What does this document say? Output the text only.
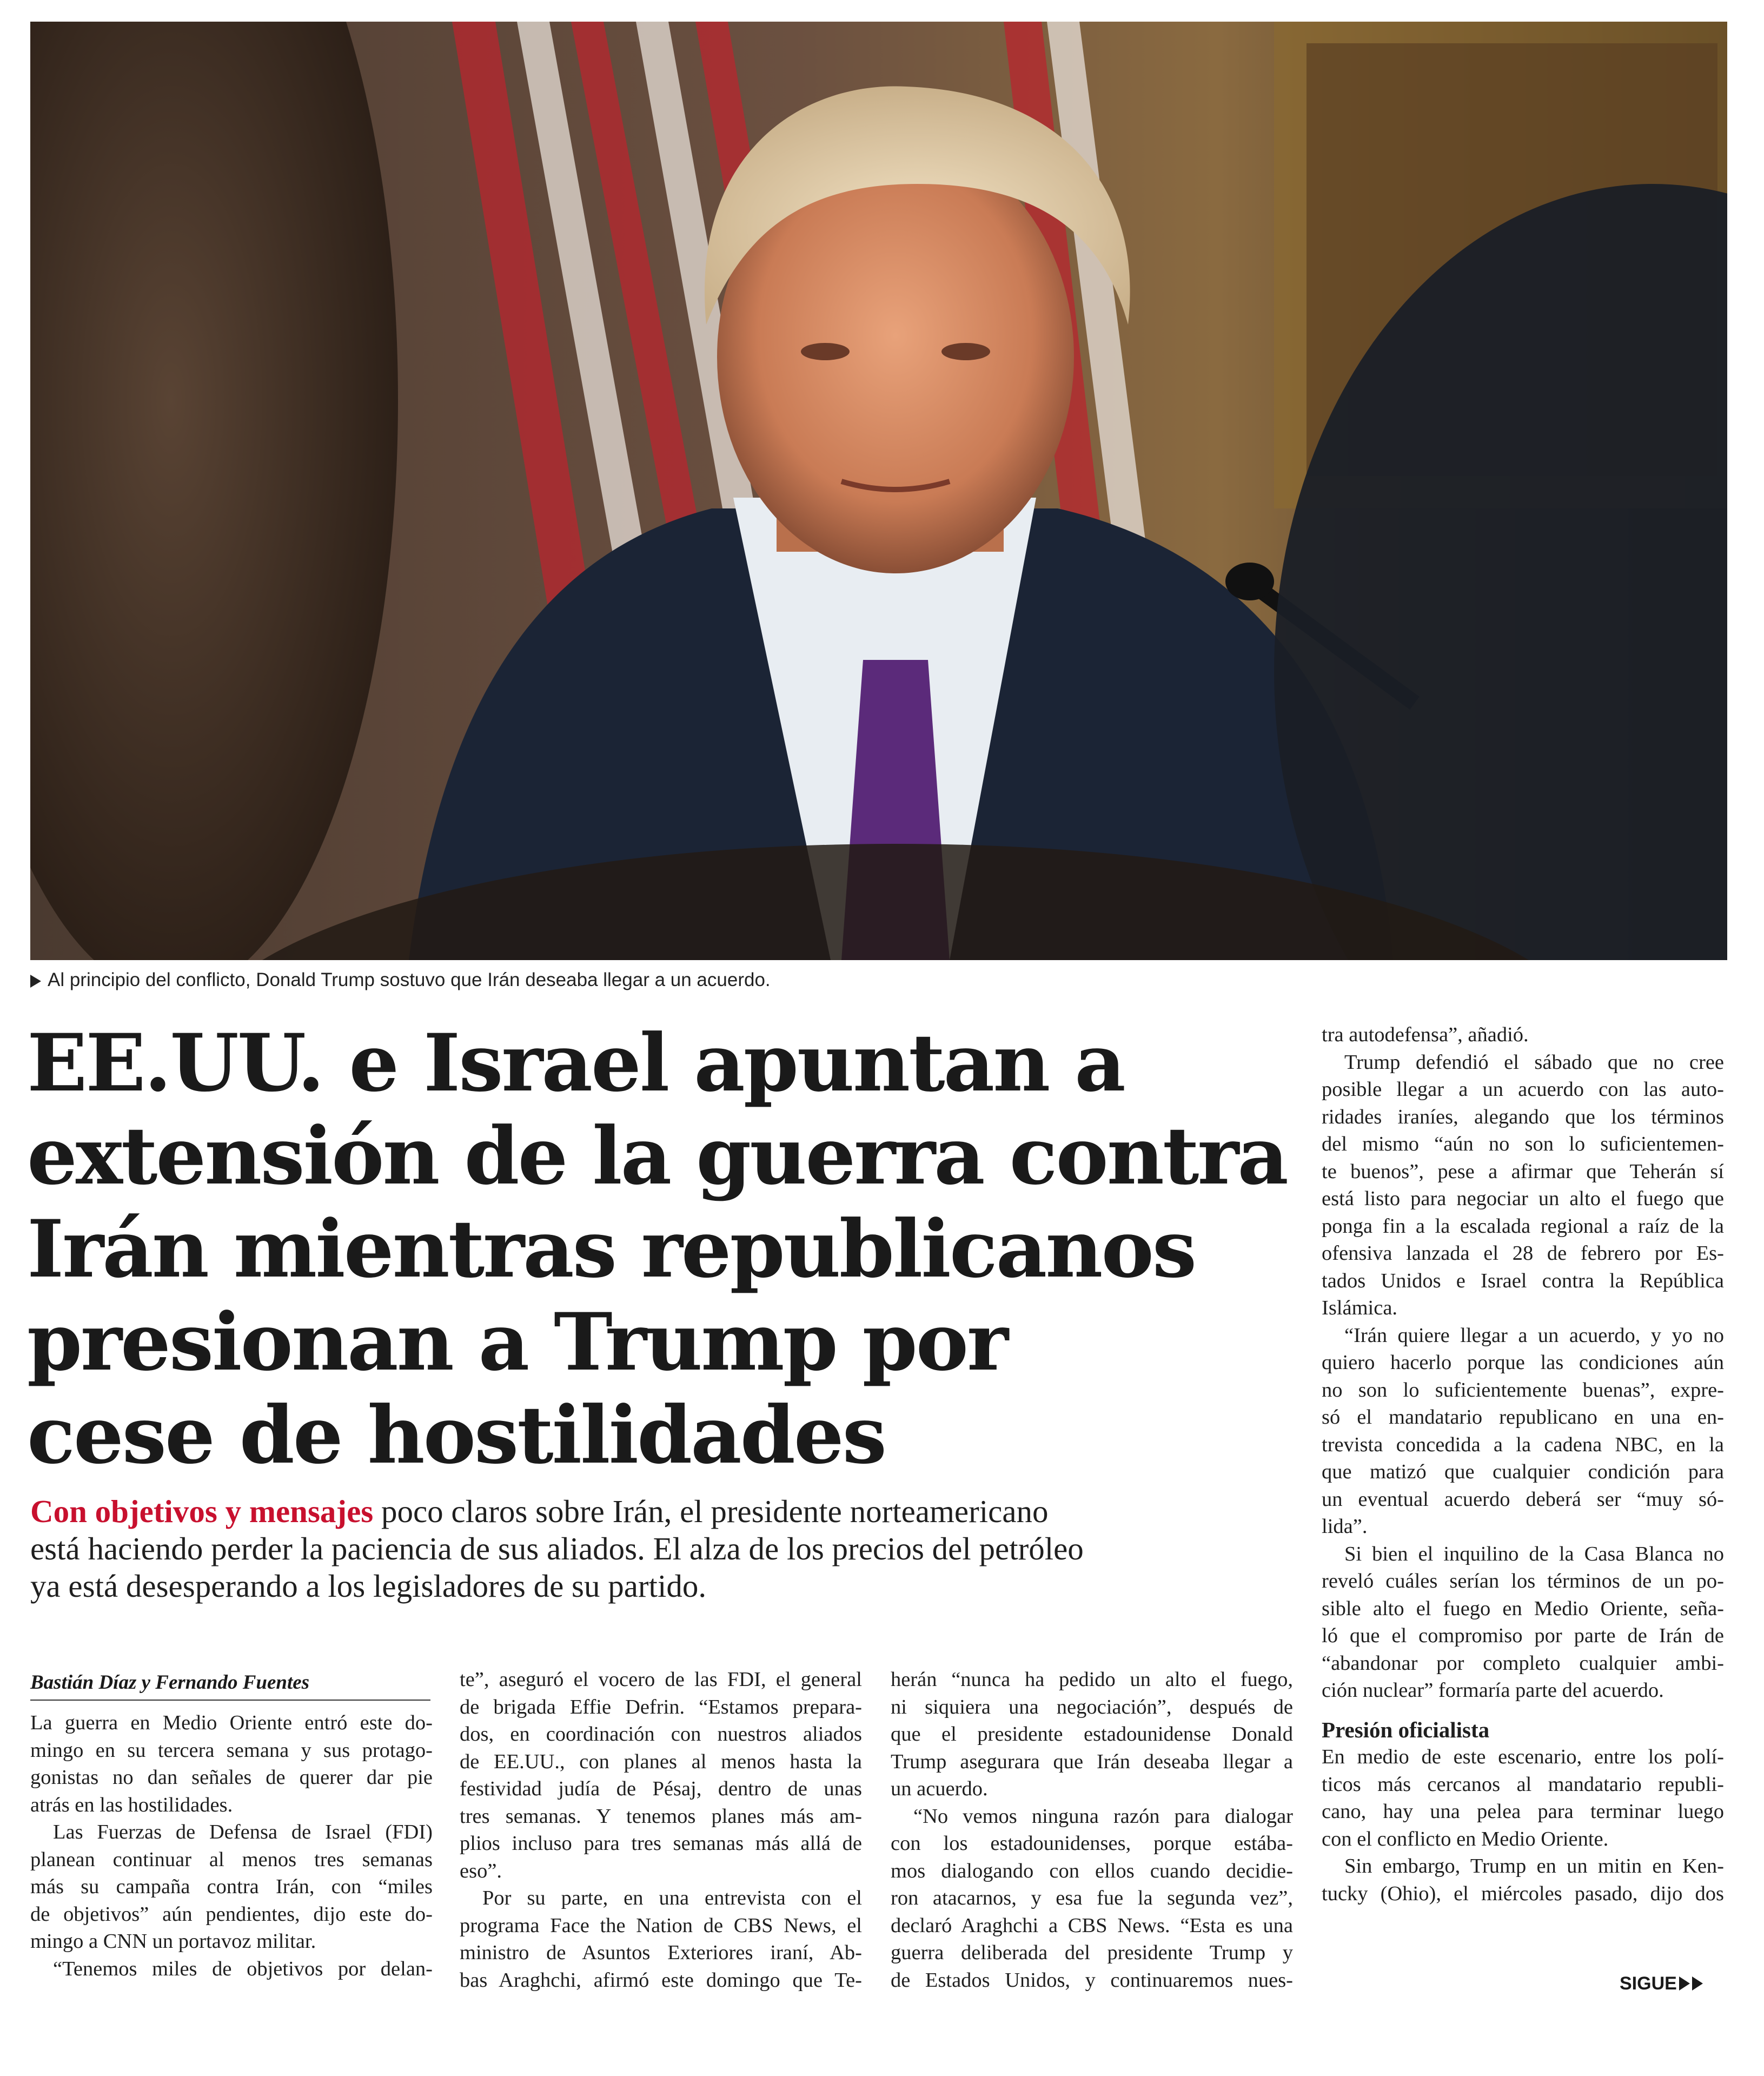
Al principio del conflicto, Donald Trump sostuvo que Irán deseaba llegar a un acuerdo.
EE.UU. e Israel apuntan a
extensión de la guerra contra
Irán mientras republicanos
presionan a Trump por
cese de hostilidades
Con objetivos y mensajes poco claros sobre Irán, el presidente norteamericano
está haciendo perder la paciencia de sus aliados. El alza de los precios del petróleo
ya está desesperando a los legisladores de su partido.
Bastián Díaz y Fernando Fuentes
La guerra en Medio Oriente entró este do-
mingo en su tercera semana y sus protago-
gonistas no dan señales de querer dar pie
atrás en las hostilidades.
Las Fuerzas de Defensa de Israel (FDI)
planean continuar al menos tres semanas
más su campaña contra Irán, con “miles
de objetivos” aún pendientes, dijo este do-
mingo a CNN un portavoz militar.
“Tenemos miles de objetivos por delan-
te”, aseguró el vocero de las FDI, el general
de brigada Effie Defrin. “Estamos prepara-
dos, en coordinación con nuestros aliados
de EE.UU., con planes al menos hasta la
festividad judía de Pésaj, dentro de unas
tres semanas. Y tenemos planes más am-
plios incluso para tres semanas más allá de
eso”.
Por su parte, en una entrevista con el
programa Face the Nation de CBS News, el
ministro de Asuntos Exteriores iraní, Ab-
bas Araghchi, afirmó este domingo que Te-
herán “nunca ha pedido un alto el fuego,
ni siquiera una negociación”, después de
que el presidente estadounidense Donald
Trump asegurara que Irán deseaba llegar a
un acuerdo.
“No vemos ninguna razón para dialogar
con los estadounidenses, porque estába-
mos dialogando con ellos cuando decidie-
ron atacarnos, y esa fue la segunda vez”,
declaró Araghchi a CBS News. “Esta es una
guerra deliberada del presidente Trump y
de Estados Unidos, y continuaremos nues-
tra autodefensa”, añadió.
Trump defendió el sábado que no cree
posible llegar a un acuerdo con las auto-
ridades iraníes, alegando que los términos
del mismo “aún no son lo suficientemen-
te buenos”, pese a afirmar que Teherán sí
está listo para negociar un alto el fuego que
ponga fin a la escalada regional a raíz de la
ofensiva lanzada el 28 de febrero por Es-
tados Unidos e Israel contra la República
Islámica.
“Irán quiere llegar a un acuerdo, y yo no
quiero hacerlo porque las condiciones aún
no son lo suficientemente buenas”, expre-
só el mandatario republicano en una en-
trevista concedida a la cadena NBC, en la
que matizó que cualquier condición para
un eventual acuerdo deberá ser “muy só-
lida”.
Si bien el inquilino de la Casa Blanca no
reveló cuáles serían los términos de un po-
sible alto el fuego en Medio Oriente, seña-
ló que el compromiso por parte de Irán de
“abandonar por completo cualquier ambi-
ción nuclear” formaría parte del acuerdo.

Presión oficialista

En medio de este escenario, entre los polí-
ticos más cercanos al mandatario republi-
cano, hay una pelea para terminar luego
con el conflicto en Medio Oriente.
Sin embargo, Trump en un mitin en Ken-
tucky (Ohio), el miércoles pasado, dijo dos
SIGUE
